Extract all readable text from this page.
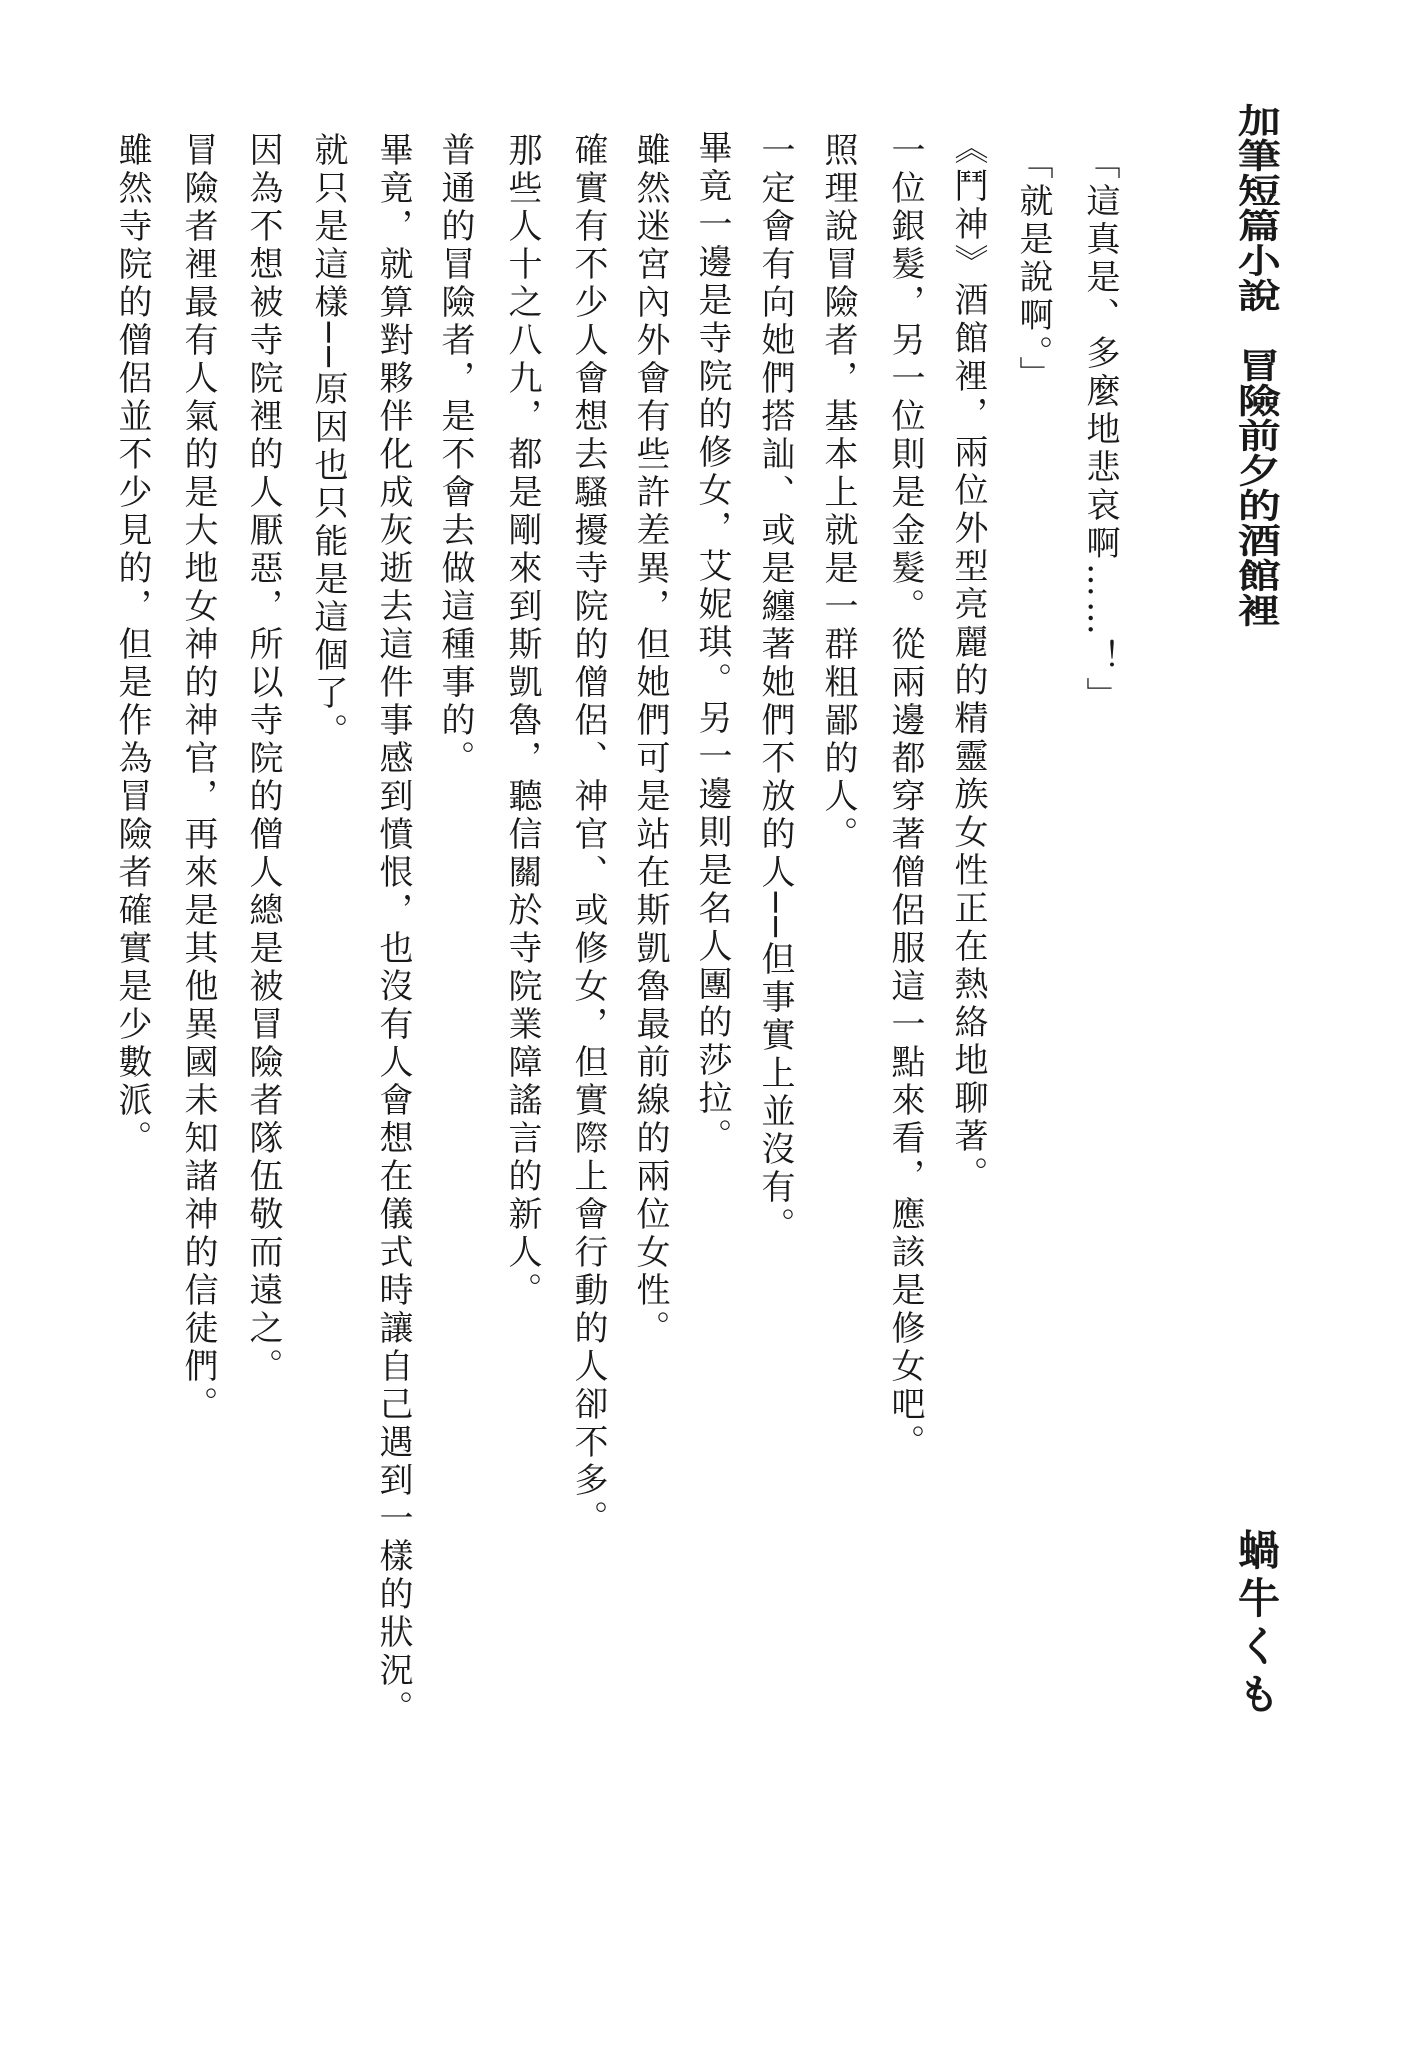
加筆短篇小說　冒險前夕的酒館裡
蝸牛くも

「這真是、多麼地悲哀啊……！」

「就是說啊。」

《鬥神》酒館裡，兩位外型亮麗的精靈族女性正在熱絡地聊著。

一位銀髮，另一位則是金髮。從兩邊都穿著僧侶服這一點來看，應該是修女吧。

照理說冒險者，基本上就是一群粗鄙的人。

一定會有向她們搭訕、或是纏著她們不放的人──但事實上並沒有。

畢竟一邊是寺院的修女，艾妮琪。另一邊則是名人團的莎拉。

雖然迷宮內外會有些許差異，但她們可是站在斯凱魯最前線的兩位女性。

確實有不少人會想去騷擾寺院的僧侶、神官、或修女，但實際上會行動的人卻不多。

那些人十之八九，都是剛來到斯凱魯，聽信關於寺院業障謠言的新人。

普通的冒險者，是不會去做這種事的。

畢竟，就算對夥伴化成灰逝去這件事感到憤恨，也沒有人會想在儀式時讓自己遇到一樣的狀況。

就只是這樣──原因也只能是這個了。

因為不想被寺院裡的人厭惡，所以寺院的僧人總是被冒險者隊伍敬而遠之。

冒險者裡最有人氣的是大地女神的神官，再來是其他異國未知諸神的信徒們。

雖然寺院的僧侶並不少見的，但是作為冒險者確實是少數派。
